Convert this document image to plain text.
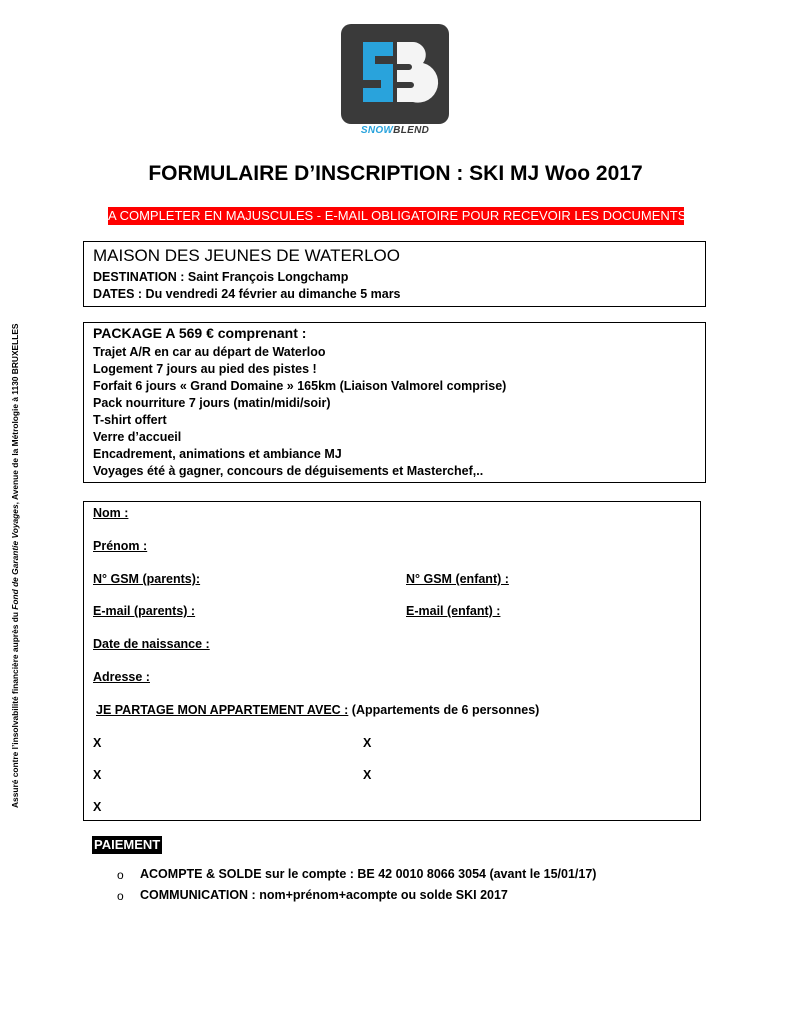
SNOWBLEND
FORMULAIRE D’INSCRIPTION : SKI MJ Woo 2017
A COMPLETER EN MAJUSCULES - E-MAIL OBLIGATOIRE POUR RECEVOIR LES DOCUMENTS
MAISON DES JEUNES DE WATERLOO
DESTINATION : Saint François Longchamp
DATES : Du vendredi 24 février au dimanche 5 mars
PACKAGE A 569 € comprenant :
Trajet A/R en car au départ de Waterloo
Logement 7 jours au pied des pistes !
Forfait 6 jours « Grand Domaine » 165km (Liaison Valmorel comprise)
Pack nourriture 7 jours (matin/midi/soir)
T-shirt offert
Verre d’accueil
Encadrement, animations et ambiance MJ
Voyages été à gagner, concours de déguisements et Masterchef,..
Nom :
Prénom :
N° GSM (parents):	N° GSM (enfant) :
E-mail (parents) :	E-mail (enfant) :
Date de naissance :
Adresse :
JE PARTAGE MON APPARTEMENT AVEC : (Appartements de 6 personnes)
X	X
X	X
X
Assuré contre l’insolvabilité financière auprès du Fond de Garantie Voyages, Avenue de la Métrologie à 1130 BRUXELLES
PAIEMENT
o ACOMPTE & SOLDE sur le compte : BE 42 0010 8066 3054 (avant le 15/01/17)
o COMMUNICATION : nom+prénom+acompte ou solde SKI 2017
